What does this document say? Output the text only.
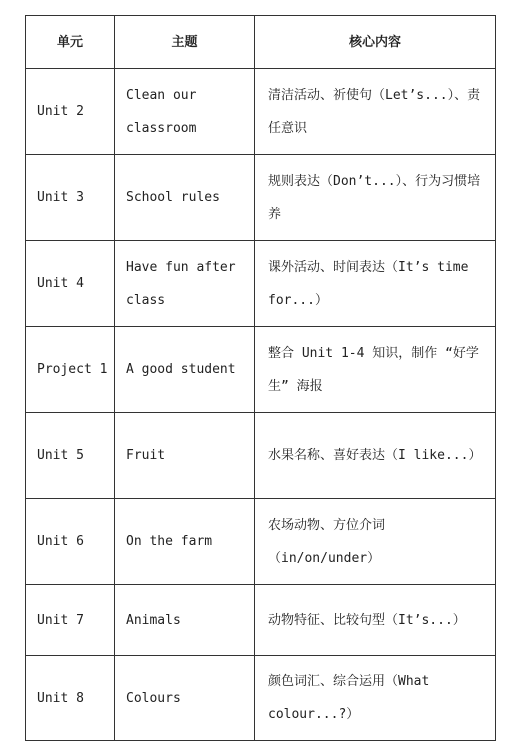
单元	主题	核心内容
Unit 2	Clean our classroom	清洁活动、祈使句（Let’s...）、责任意识
Unit 3	School rules	规则表达（Don’t...）、行为习惯培养
Unit 4	Have fun after class	课外活动、时间表达（It’s time for...）
Project 1	A good student	整合 Unit 1-4 知识，制作 “好学生” 海报
Unit 5	Fruit	水果名称、喜好表达（I like...）
Unit 6	On the farm	农场动物、方位介词（in/on/under）
Unit 7	Animals	动物特征、比较句型（It’s...）
Unit 8	Colours	颜色词汇、综合运用（What colour...?）
